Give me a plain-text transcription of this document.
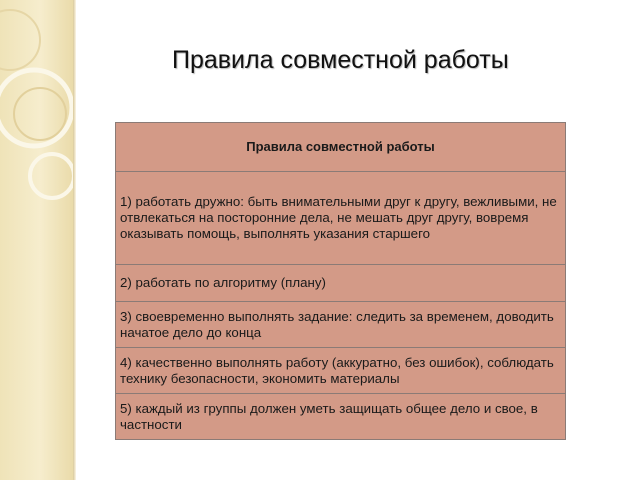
Правила совместной работы
Правила совместной работы
1) работать дружно: быть внимательными друг к другу, вежливыми, не отвлекаться на посторонние дела, не мешать друг другу, вовремя оказывать помощь, выполнять указания старшего
2) работать по алгоритму (плану)
3) своевременно выполнять задание: следить за временем, доводить начатое дело до конца
4) качественно выполнять работу (аккуратно, без ошибок), соблюдать технику безопасности, экономить материалы
5) каждый из группы должен уметь защищать общее дело и свое, в частности
